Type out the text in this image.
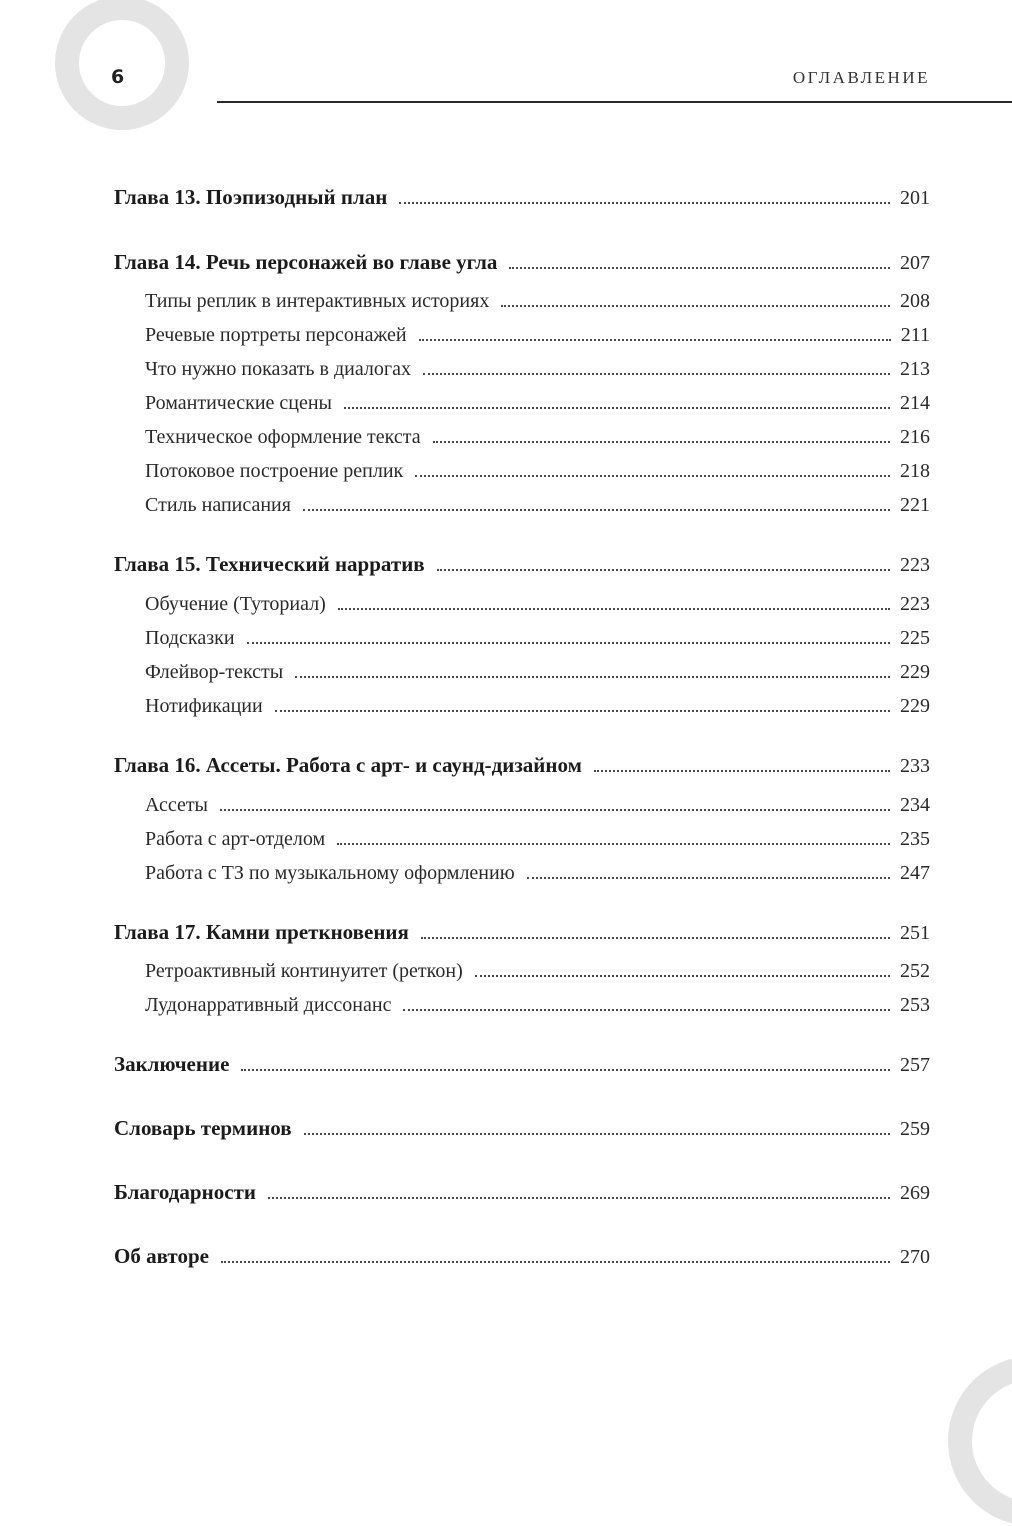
6	ОГЛАВЛЕНИЕ
Глава 13. Поэпизодный план	201
Глава 14. Речь персонажей во главе угла	207
Типы реплик в интерактивных историях	208
Речевые портреты персонажей	211
Что нужно показать в диалогах	213
Романтические сцены	214
Техническое оформление текста	216
Потоковое построение реплик	218
Стиль написания	221
Глава 15. Технический нарратив	223
Обучение (Туториал)	223
Подсказки	225
Флейвор-тексты	229
Нотификации	229
Глава 16. Ассеты. Работа с арт- и саунд-дизайном	233
Ассеты	234
Работа с арт-отделом	235
Работа с ТЗ по музыкальному оформлению	247
Глава 17. Камни преткновения	251
Ретроактивный континуитет (реткон)	252
Лудонарративный диссонанс	253
Заключение	257
Словарь терминов	259
Благодарности	269
Об авторе	270
